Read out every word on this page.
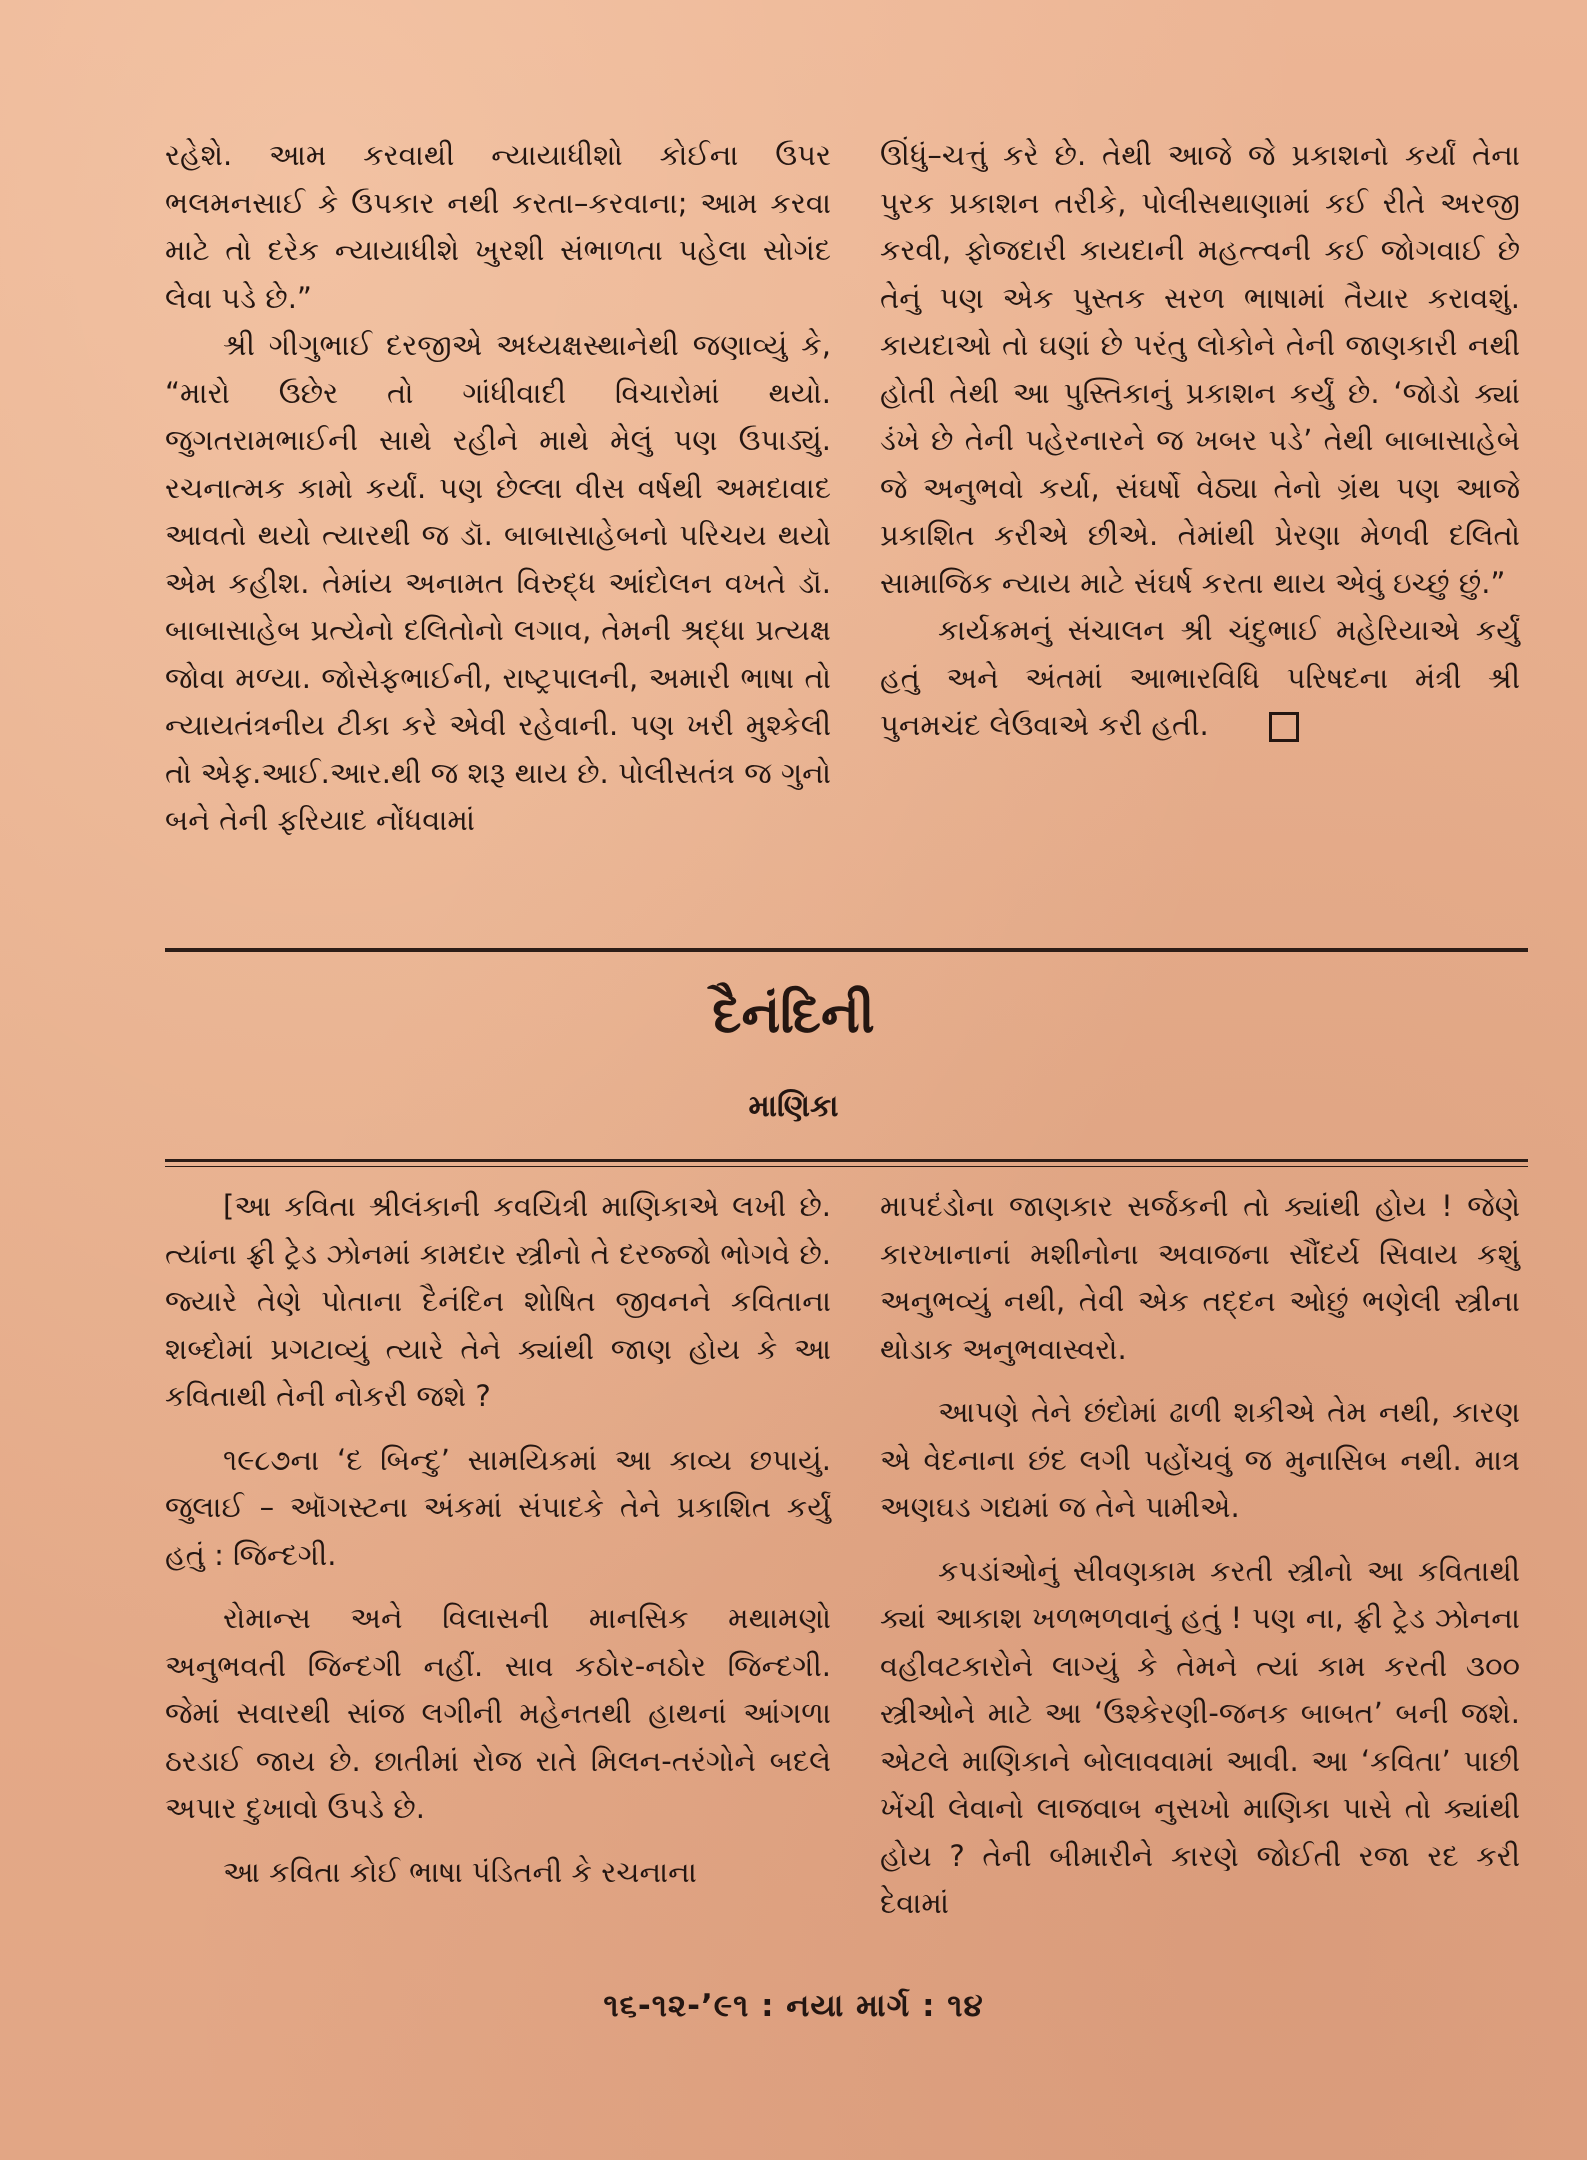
રહેશે. આમ કરવાથી ન્યાયાધીશો કોઈના ઉપર ભલમનસાઈ કે ઉપકાર નથી કરતા–કરવાના; આમ કરવા માટે તો દરેક ન્યાયાધીશે ખુરશી સંભાળતા પહેલા સોગંદ લેવા પડે છે.”

શ્રી ગીગુભાઈ દરજીએ અધ્યક્ષસ્થાનેથી જણાવ્યું કે, “મારો ઉછેર તો ગાંધીવાદી વિચારોમાં થયો. જુગતરામભાઈની સાથે રહીને માથે મેલું પણ ઉપાડ્યું. રચનાત્મક કામો કર્યાં. પણ છેલ્લા વીસ વર્ષથી અમદાવાદ આવતો થયો ત્યારથી જ ડૉ. બાબાસાહેબનો પરિચય થયો એમ કહીશ. તેમાંય અનામત વિરુદ્ધ આંદોલન વખતે ડૉ. બાબાસાહેબ પ્રત્યેનો દલિતોનો લગાવ, તેમની શ્રદ્ધા પ્રત્યક્ષ જોવા મળ્યા. જોસેફભાઈની, રાષ્ટ્રપાલની, અમારી ભાષા તો ન્યાયતંત્રનીય ટીકા કરે એવી રહેવાની. પણ ખરી મુશ્કેલી તો એફ.આઈ.આર.થી જ શરૂ થાય છે. પોલીસતંત્ર જ ગુનો બને તેની ફરિયાદ નોંધવામાં

ઊંધું–ચત્તું કરે છે. તેથી આજે જે પ્રકાશનો કર્યાં તેના પુરક પ્રકાશન તરીકે, પોલીસથાણામાં કઈ રીતે અરજી કરવી, ફોજદારી કાયદાની મહત્ત્વની કઈ જોગવાઈ છે તેનું પણ એક પુસ્તક સરળ ભાષામાં તૈયાર કરાવશું. કાયદાઓ તો ઘણાં છે પરંતુ લોકોને તેની જાણકારી નથી હોતી તેથી આ પુસ્તિકાનું પ્રકાશન કર્યું છે. ‘જોડો ક્યાં ડંખે છે તેની પહેરનારને જ ખબર પડે’ તેથી બાબાસાહેબે જે અનુભવો કર્યા, સંઘર્ષો વેઠ્યા તેનો ગ્રંથ પણ આજે પ્રકાશિત કરીએ છીએ. તેમાંથી પ્રેરણા મેળવી દલિતો સામાજિક ન્યાય માટે સંઘર્ષ કરતા થાય એવું ઇચ્છું છું.”

કાર્યક્રમનું સંચાલન શ્રી ચંદુભાઈ મહેરિયાએ કર્યું હતું અને અંતમાં આભારવિધિ પરિષદના મંત્રી શ્રી પુનમચંદ લેઉવાએ કરી હતી.

દૈનંદિની
માણિકા

[આ કવિતા શ્રીલંકાની કવયિત્રી માણિકાએ લખી છે. ત્યાંના ફ્રી ટ્રેડ ઝોનમાં કામદાર સ્ત્રીનો તે દરજ્જો ભોગવે છે. જ્યારે તેણે પોતાના દૈનંદિન શોષિત જીવનને કવિતાના શબ્દોમાં પ્રગટાવ્યું ત્યારે તેને ક્યાંથી જાણ હોય કે આ કવિતાથી તેની નોકરી જશે ?

૧૯૮૭ના ‘દ બિન્દુ’ સામયિકમાં આ કાવ્ય છપાયું. જુલાઈ – ઑગસ્ટના અંકમાં સંપાદકે તેને પ્રકાશિત કર્યું હતું : જિન્દગી.

રોમાન્સ અને વિલાસની માનસિક મથામણો અનુભવતી જિન્દગી નહીં. સાવ કઠોર-નઠોર જિન્દગી. જેમાં સવારથી સાંજ લગીની મહેનતથી હાથનાં આંગળા ઠરડાઈ જાય છે. છાતીમાં રોજ રાતે મિલન-તરંગોને બદલે અપાર દુખાવો ઉપડે છે.

આ કવિતા કોઈ ભાષા પંડિતની કે રચનાના

માપદંડોના જાણકાર સર્જકની તો ક્યાંથી હોય ! જેણે કારખાનાનાં મશીનોના અવાજના સૌંદર્ય સિવાય કશું અનુભવ્યું નથી, તેવી એક તદ્દન ઓછું ભણેલી સ્ત્રીના થોડાક અનુભવાસ્વરો.

આપણે તેને છંદોમાં ઢાળી શકીએ તેમ નથી, કારણ એ વેદનાના છંદ લગી પહોંચવું જ મુનાસિબ નથી. માત્ર અણઘડ ગદ્યમાં જ તેને પામીએ.

કપડાંઓનું સીવણકામ કરતી સ્ત્રીનો આ કવિતાથી ક્યાં આકાશ ખળભળવાનું હતું ! પણ ના, ફ્રી ટ્રેડ ઝોનના વહીવટકારોને લાગ્યું કે તેમને ત્યાં કામ કરતી ૩૦૦ સ્ત્રીઓને માટે આ ‘ઉશ્કેરણી-જનક બાબત’ બની જશે. એટલે માણિકાને બોલાવવામાં આવી. આ ‘કવિતા’ પાછી ખેંચી લેવાનો લાજવાબ નુસખો માણિકા પાસે તો ક્યાંથી હોય ? તેની બીમારીને કારણે જોઈતી રજા રદ કરી દેવામાં

૧૬-૧૨-’૯૧ : નયા માર્ગ : ૧૪
